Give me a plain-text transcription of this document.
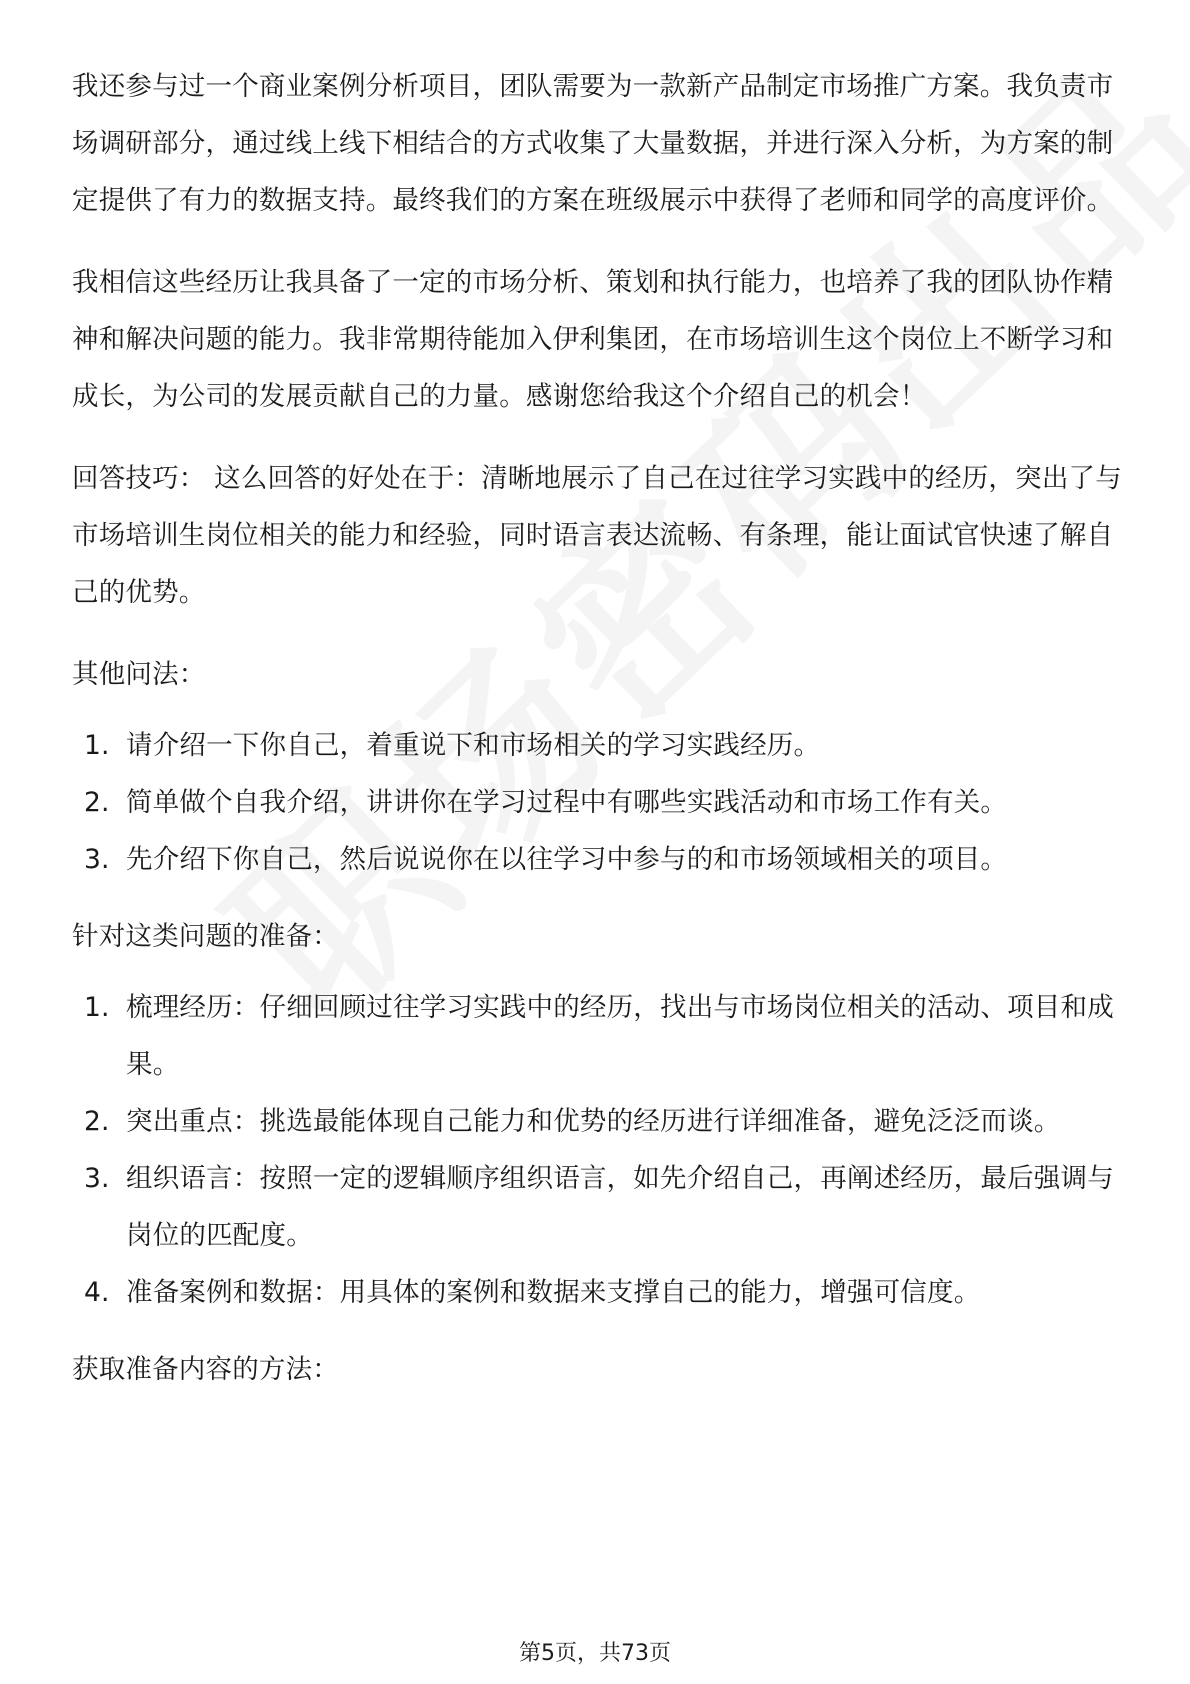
我还参与过一个商业案例分析项目，团队需要为一款新产品制定市场推广方案。我负责市场调研部分，通过线上线下相结合的方式收集了大量数据，并进行深入分析，为方案的制定提供了有力的数据支持。最终我们的方案在班级展示中获得了老师和同学的高度评价。

我相信这些经历让我具备了一定的市场分析、策划和执行能力，也培养了我的团队协作精神和解决问题的能力。我非常期待能加入伊利集团，在市场培训生这个岗位上不断学习和成长，为公司的发展贡献自己的力量。感谢您给我这个介绍自己的机会！

回答技巧： 这么回答的好处在于：清晰地展示了自己在过往学习实践中的经历，突出了与市场培训生岗位相关的能力和经验，同时语言表达流畅、有条理，能让面试官快速了解自己的优势。

其他问法：

1. 请介绍一下你自己，着重说下和市场相关的学习实践经历。
2. 简单做个自我介绍，讲讲你在学习过程中有哪些实践活动和市场工作有关。
3. 先介绍下你自己，然后说说你在以往学习中参与的和市场领域相关的项目。

针对这类问题的准备：

1. 梳理经历：仔细回顾过往学习实践中的经历，找出与市场岗位相关的活动、项目和成果。
2. 突出重点：挑选最能体现自己能力和优势的经历进行详细准备，避免泛泛而谈。
3. 组织语言：按照一定的逻辑顺序组织语言，如先介绍自己，再阐述经历，最后强调与岗位的匹配度。
4. 准备案例和数据：用具体的案例和数据来支撑自己的能力，增强可信度。

获取准备内容的方法：

第5页，共73页
